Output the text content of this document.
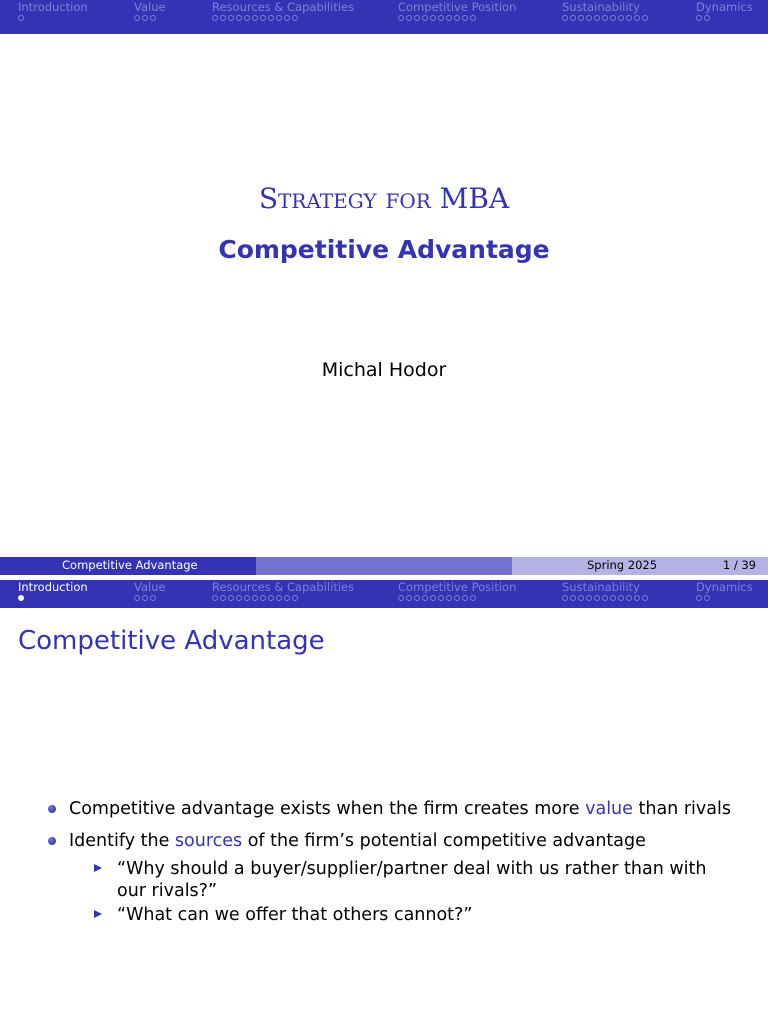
Introduction	Value	Resources & Capabilities	Competitive Position	Sustainability	Dynamics
Strategy for MBA
Competitive Advantage
Michal Hodor
Competitive Advantage	Spring 2025	1 / 39
Introduction	Value	Resources & Capabilities	Competitive Position	Sustainability	Dynamics
Competitive Advantage
Competitive advantage exists when the firm creates more value than rivals
Identify the sources of the firm’s potential competitive advantage
“Why should a buyer/supplier/partner deal with us rather than with our rivals?”
“What can we offer that others cannot?”
